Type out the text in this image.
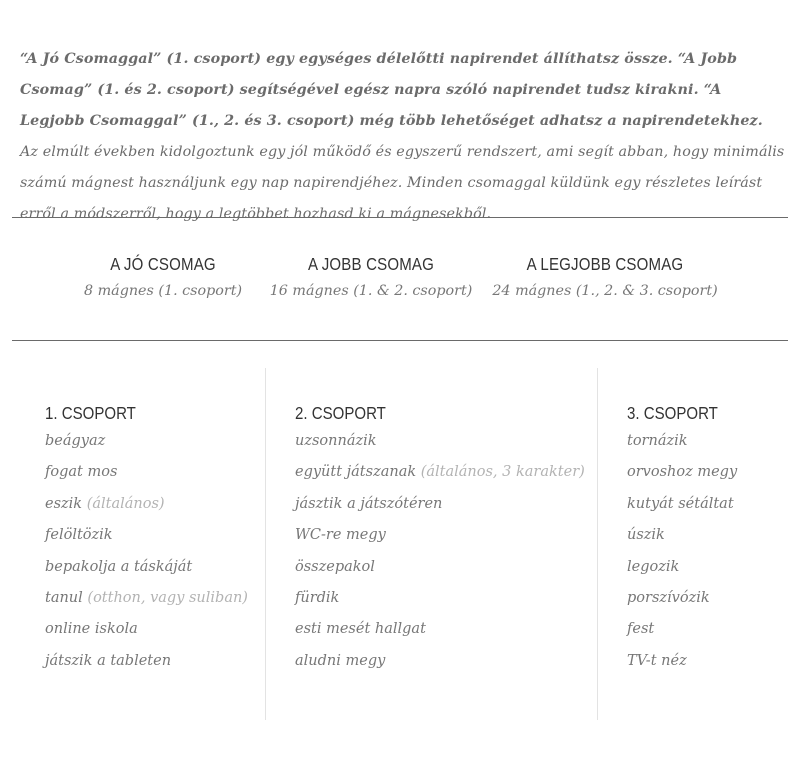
“A Jó Csomaggal” (1. csoport) egy egységes délelőtti napirendet állíthatsz össze. “A Jobb Csomag” (1. és 2. csoport) segítségével egész napra szóló napirendet tudsz kirakni. “A Legjobb Csomaggal” (1., 2. és 3. csoport) még több lehetőséget adhatsz a napirendetekhez. Az elmúlt években kidolgoztunk egy jól működő és egyszerű rendszert, ami segít abban, hogy minimális számú mágnest használjunk egy nap napirendjéhez. Minden csomaggal küldünk egy részletes leírást erről a módszerről, hogy a legtöbbet hozhasd ki a mágnesekből.
A JÓ CSOMAG
8 mágnes (1. csoport)
A JOBB CSOMAG
16 mágnes (1. & 2. csoport)
A LEGJOBB CSOMAG
24 mágnes (1., 2. & 3. csoport)
1. CSOPORT
beágyaz
fogat mos
eszik (általános)
felöltözik
bepakolja a táskáját
tanul (otthon, vagy suliban)
online iskola
játszik a tableten
2. CSOPORT
uzsonnázik
együtt játszanak (általános, 3 karakter)
jásztik a játszótéren
WC-re megy
összepakol
fürdik
esti mesét hallgat
aludni megy
3. CSOPORT
tornázik
orvoshoz megy
kutyát sétáltat
úszik
legozik
porszívózik
fest
TV-t néz
